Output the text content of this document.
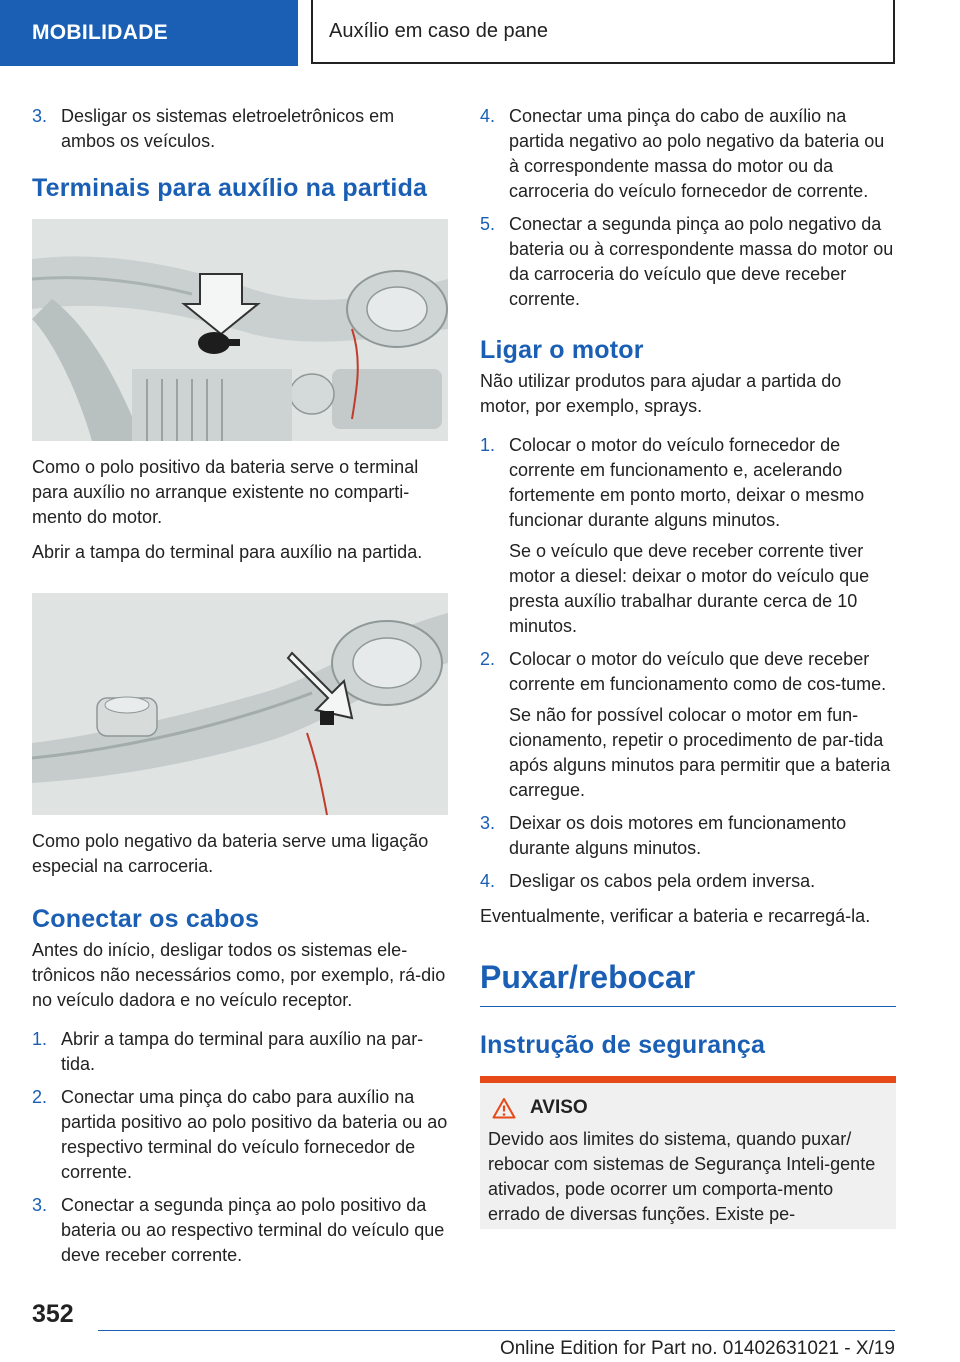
MOBILIDADE	Auxílio em caso de pane
3. Desligar os sistemas eletroeletrônicos em ambos os veículos.
Terminais para auxílio na partida

Como o polo positivo da bateria serve o terminal para auxílio no arranque existente no comparti-mento do motor.

Abrir a tampa do terminal para auxílio na partida.

Como polo negativo da bateria serve uma ligação especial na carroceria.

Conectar os cabos

Antes do início, desligar todos os sistemas ele-trônicos não necessários como, por exemplo, rá-dio no veículo dadora e no veículo receptor.

1. Abrir a tampa do terminal para auxílio na par-tida.
2. Conectar uma pinça do cabo para auxílio na partida positivo ao polo positivo da bateria ou ao respectivo terminal do veículo fornecedor de corrente.
3. Conectar a segunda pinça ao polo positivo da bateria ou ao respectivo terminal do veículo que deve receber corrente.
4. Conectar uma pinça do cabo de auxílio na partida negativo ao polo negativo da bateria ou à correspondente massa do motor ou da carroceria do veículo fornecedor de corrente.
5. Conectar a segunda pinça ao polo negativo da bateria ou à correspondente massa do motor ou da carroceria do veículo que deve receber corrente.
Ligar o motor

Não utilizar produtos para ajudar a partida do motor, por exemplo, sprays.

1. Colocar o motor do veículo fornecedor de corrente em funcionamento e, acelerando fortemente em ponto morto, deixar o mesmo funcionar durante alguns minutos.
Se o veículo que deve receber corrente tiver motor a diesel: deixar o motor do veículo que presta auxílio trabalhar durante cerca de 10 minutos.
2. Colocar o motor do veículo que deve receber corrente em funcionamento como de cos-tume.
Se não for possível colocar o motor em fun-cionamento, repetir o procedimento de par-tida após alguns minutos para permitir que a bateria carregue.
3. Deixar os dois motores em funcionamento durante alguns minutos.
4. Desligar os cabos pela ordem inversa.

Eventualmente, verificar a bateria e recarregá-la.

Puxar/rebocar
Instrução de segurança
AVISO

Devido aos limites do sistema, quando puxar/ rebocar com sistemas de Segurança Inteli-gente ativados, pode ocorrer um comporta-mento errado de diversas funções. Existe pe-

352
Online Edition for Part no. 01402631021 - X/19
